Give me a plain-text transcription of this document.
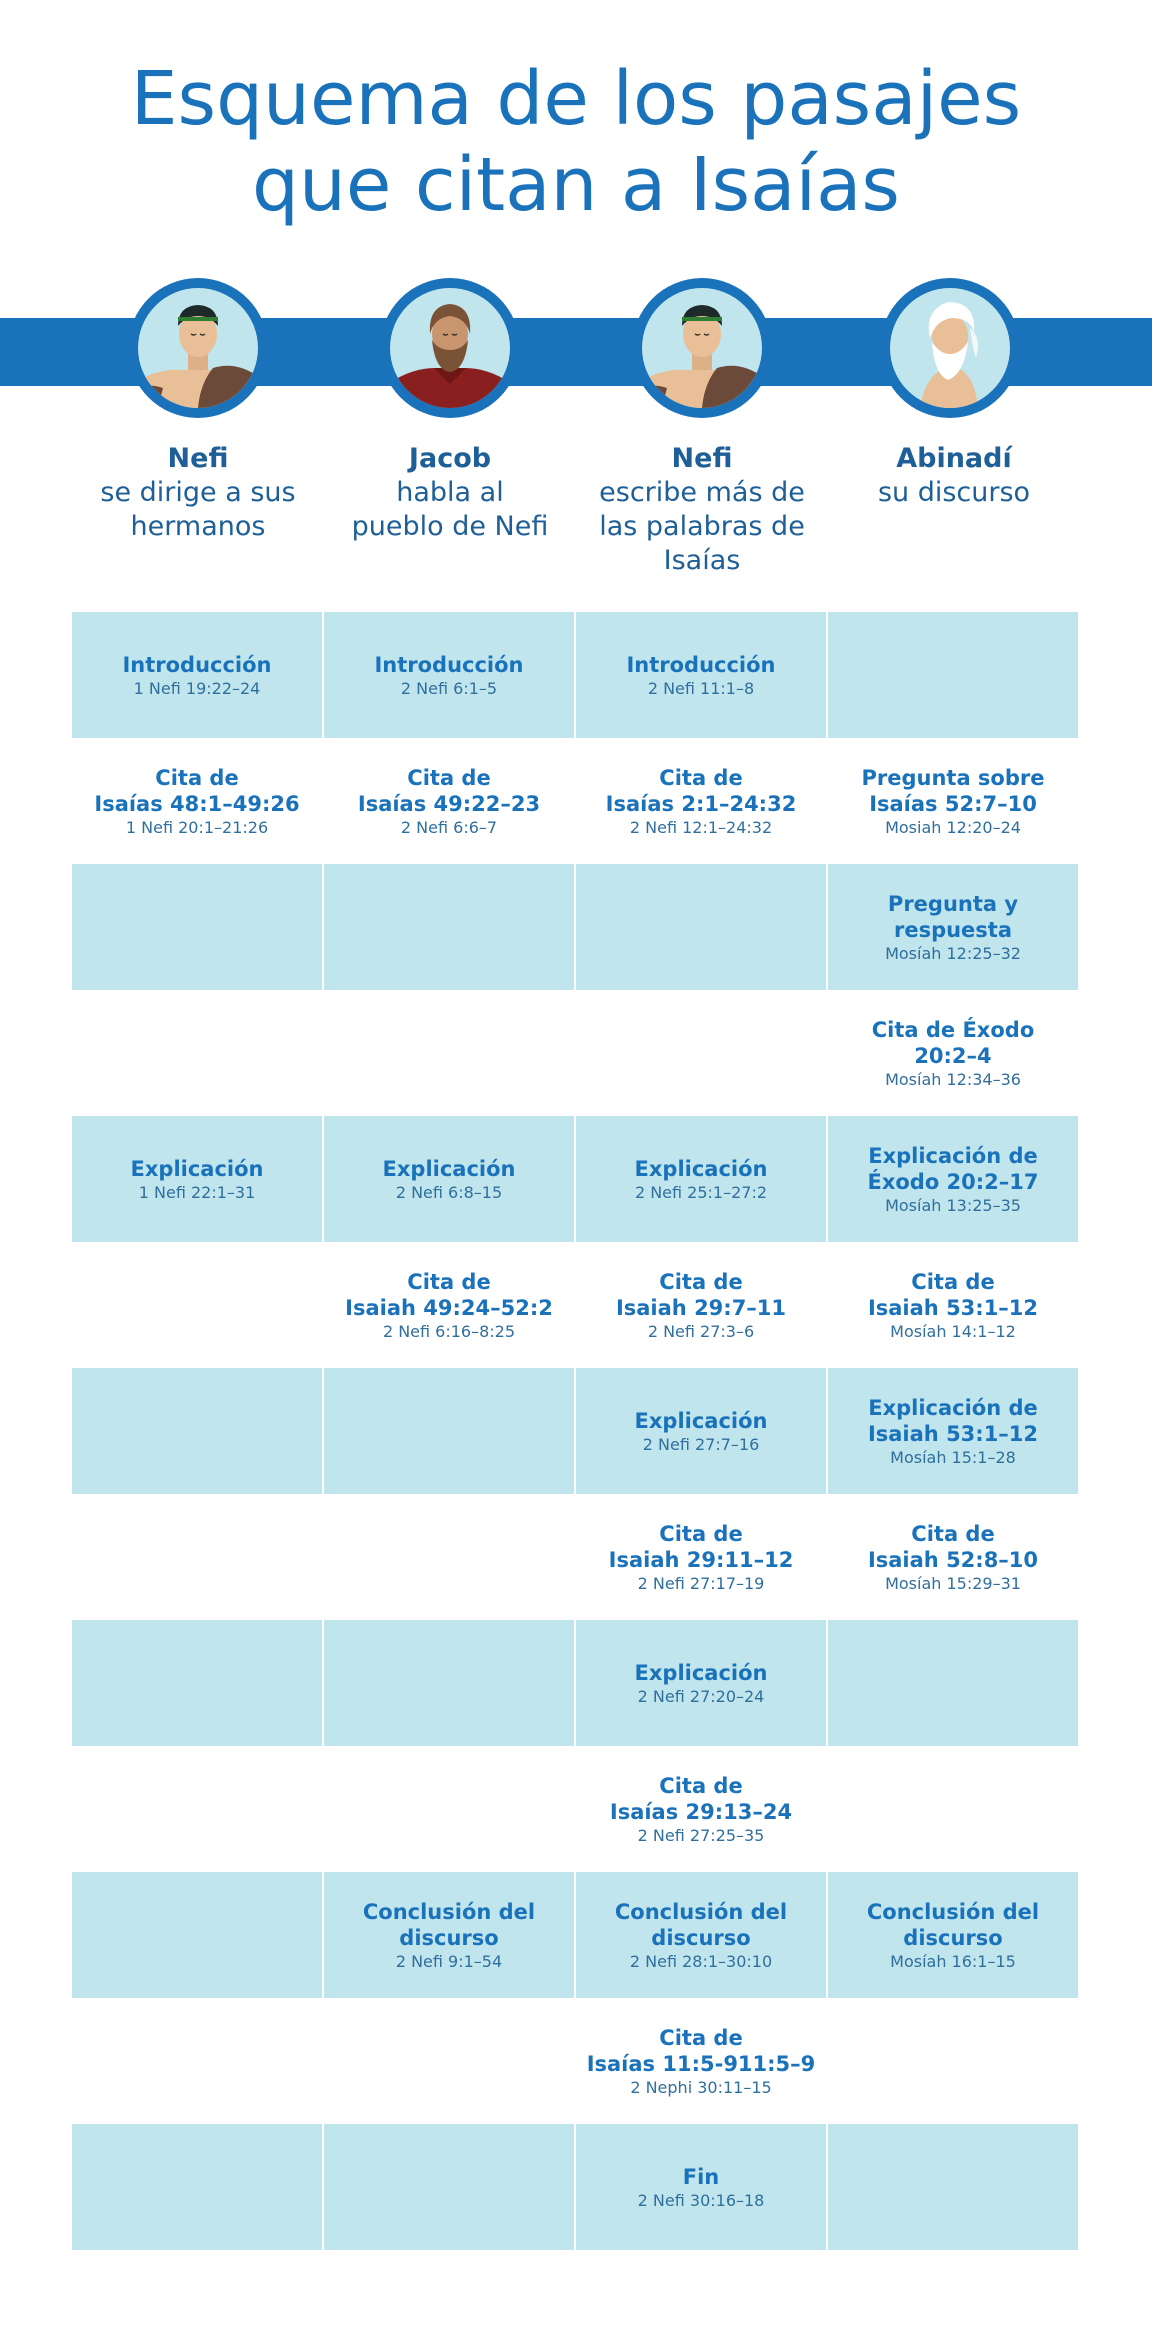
Esquema de los pasajes
que citan a Isaías
Nefi
se dirige a sus
hermanos
Jacob
habla al
pueblo de Nefi
Nefi
escribe más de
las palabras de
Isaías
Abinadí
su discurso
Introducción
1 Nefi 19:22–24
Introducción
2 Nefi 6:1–5
Introducción
2 Nefi 11:1–8
Cita de
Isaías 48:1–49:26
1 Nefi 20:1–21:26
Cita de
Isaías 49:22–23
2 Nefi 6:6–7
Cita de
Isaías 2:1–24:32
2 Nefi 12:1–24:32
Pregunta sobre
Isaías 52:7–10
Mosiah 12:20–24
Pregunta y respuesta
Mosíah 12:25–32
Cita de Éxodo
20:2–4
Mosíah 12:34–36
Explicación
1 Nefi 22:1–31
Explicación
2 Nefi 6:8–15
Explicación
2 Nefi 25:1–27:2
Explicación de
Éxodo 20:2–17
Mosíah 13:25–35
Cita de
Isaiah 49:24–52:2
2 Nefi 6:16–8:25
Cita de
Isaiah 29:7–11
2 Nefi 27:3–6
Cita de
Isaiah 53:1–12
Mosíah 14:1–12
Explicación
2 Nefi 27:7–16
Explicación de
Isaiah 53:1–12
Mosíah 15:1–28
Cita de
Isaiah 29:11–12
2 Nefi 27:17–19
Cita de
Isaiah 52:8–10
Mosíah 15:29–31
Explicación
2 Nefi 27:20–24
Cita de
Isaías 29:13–24
2 Nefi 27:25–35
Conclusión del
discurso
2 Nefi 9:1–54
Conclusión del
discurso
2 Nefi 28:1–30:10
Conclusión del
discurso
Mosíah 16:1–15
Cita de
Isaías 11:5-911:5–9
2 Nephi 30:11–15
Fin
2 Nefi 30:16–18
